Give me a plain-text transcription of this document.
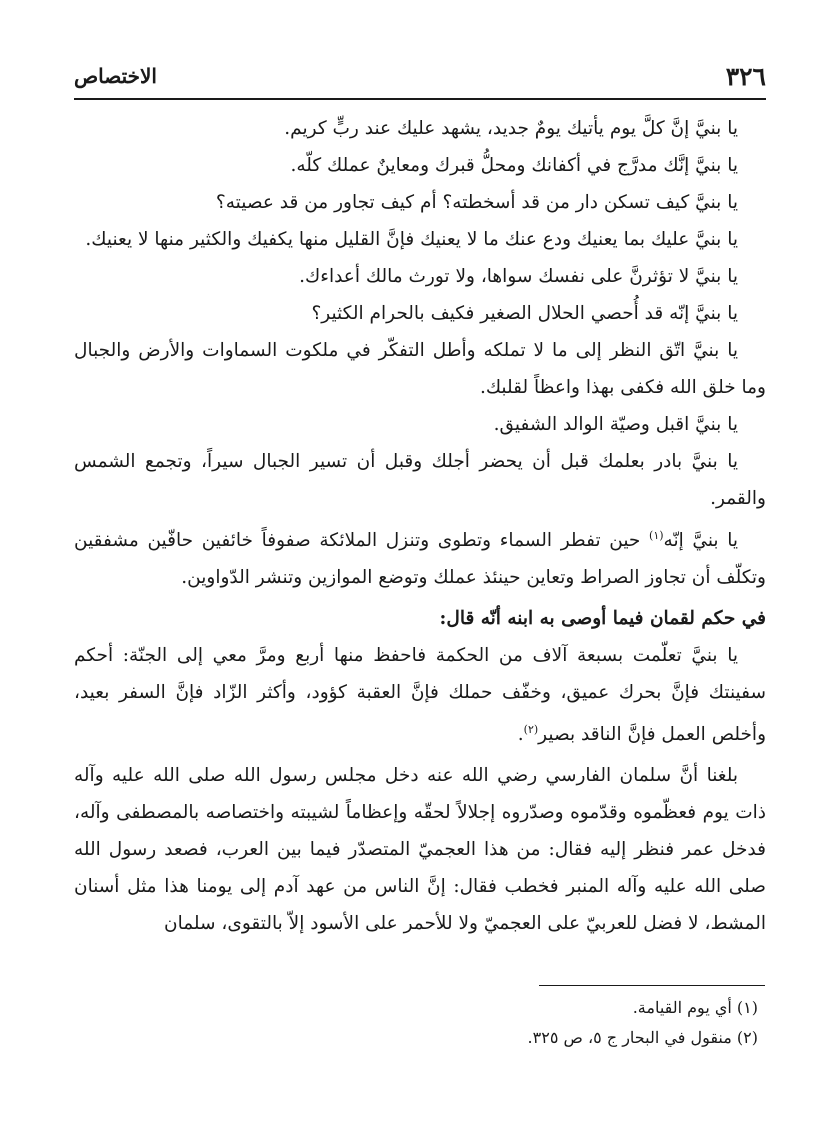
٣٢٦
الاختصاص

يا بنيَّ إنَّ كلَّ يوم يأتيك يومٌ جديد، يشهد عليك عند ربٍّ كريم.

يا بنيَّ إنَّك مدرَّج في أكفانك ومحلُّ قبرك ومعاينٌ عملك كلّه.

يا بنيَّ كيف تسكن دار من قد أسخطته؟ أم كيف تجاور من قد عصيته؟

يا بنيَّ عليك بما يعنيك ودع عنك ما لا يعنيك فإنَّ القليل منها يكفيك والكثير منها لا يعنيك.

يا بنيَّ لا تؤثرنَّ على نفسك سواها، ولا تورث مالك أعداءك.

يا بنيَّ إنّه قد أُحصي الحلال الصغير فكيف بالحرام الكثير؟

يا بنيَّ اتّق النظر إلى ما لا تملكه وأطل التفكّر في ملكوت السماوات والأرض والجبال وما خلق الله فكفى بهذا واعظاً لقلبك.

يا بنيَّ اقبل وصيّة الوالد الشفيق.

يا بنيَّ بادر بعلمك قبل أن يحضر أجلك وقبل أن تسير الجبال سيراً، وتجمع الشمس والقمر.

يا بنيَّ إنّه$^{(١)}$ حين تفطر السماء وتطوى وتنزل الملائكة صفوفاً خائفين حافّين مشفقين وتكلّف أن تجاوز الصراط وتعاين حينئذ عملك وتوضع الموازين وتنشر الدّواوين.

في حكم لقمان فيما أوصى به ابنه أنّه قال:

يا بنيَّ تعلّمت بسبعة آلاف من الحكمة فاحفظ منها أربع ومرَّ معي إلى الجنّة: أحكم سفينتك فإنَّ بحرك عميق، وخفّف حملك فإنَّ العقبة كؤود، وأكثر الزّاد فإنَّ السفر بعيد، وأخلص العمل فإنَّ الناقد بصير$^{(٢)}$.

بلغنا أنَّ سلمان الفارسي رضي الله عنه دخل مجلس رسول الله صلى الله عليه وآله ذات يوم فعظّموه وقدّموه وصدّروه إجلالاً لحقّه وإعظاماً لشيبته واختصاصه بالمصطفى وآله، فدخل عمر فنظر إليه فقال: من هذا العجميّ المتصدّر فيما بين العرب، فصعد رسول الله صلى الله عليه وآله المنبر فخطب فقال: إنَّ الناس من عهد آدم إلى يومنا هذا مثل أسنان المشط، لا فضل للعربيّ على العجميّ ولا للأحمر على الأسود إلاّ بالتقوى، سلمان

(١) أي يوم القيامة.

(٢) منقول في البحار ج ٥، ص ٣٢٥.
